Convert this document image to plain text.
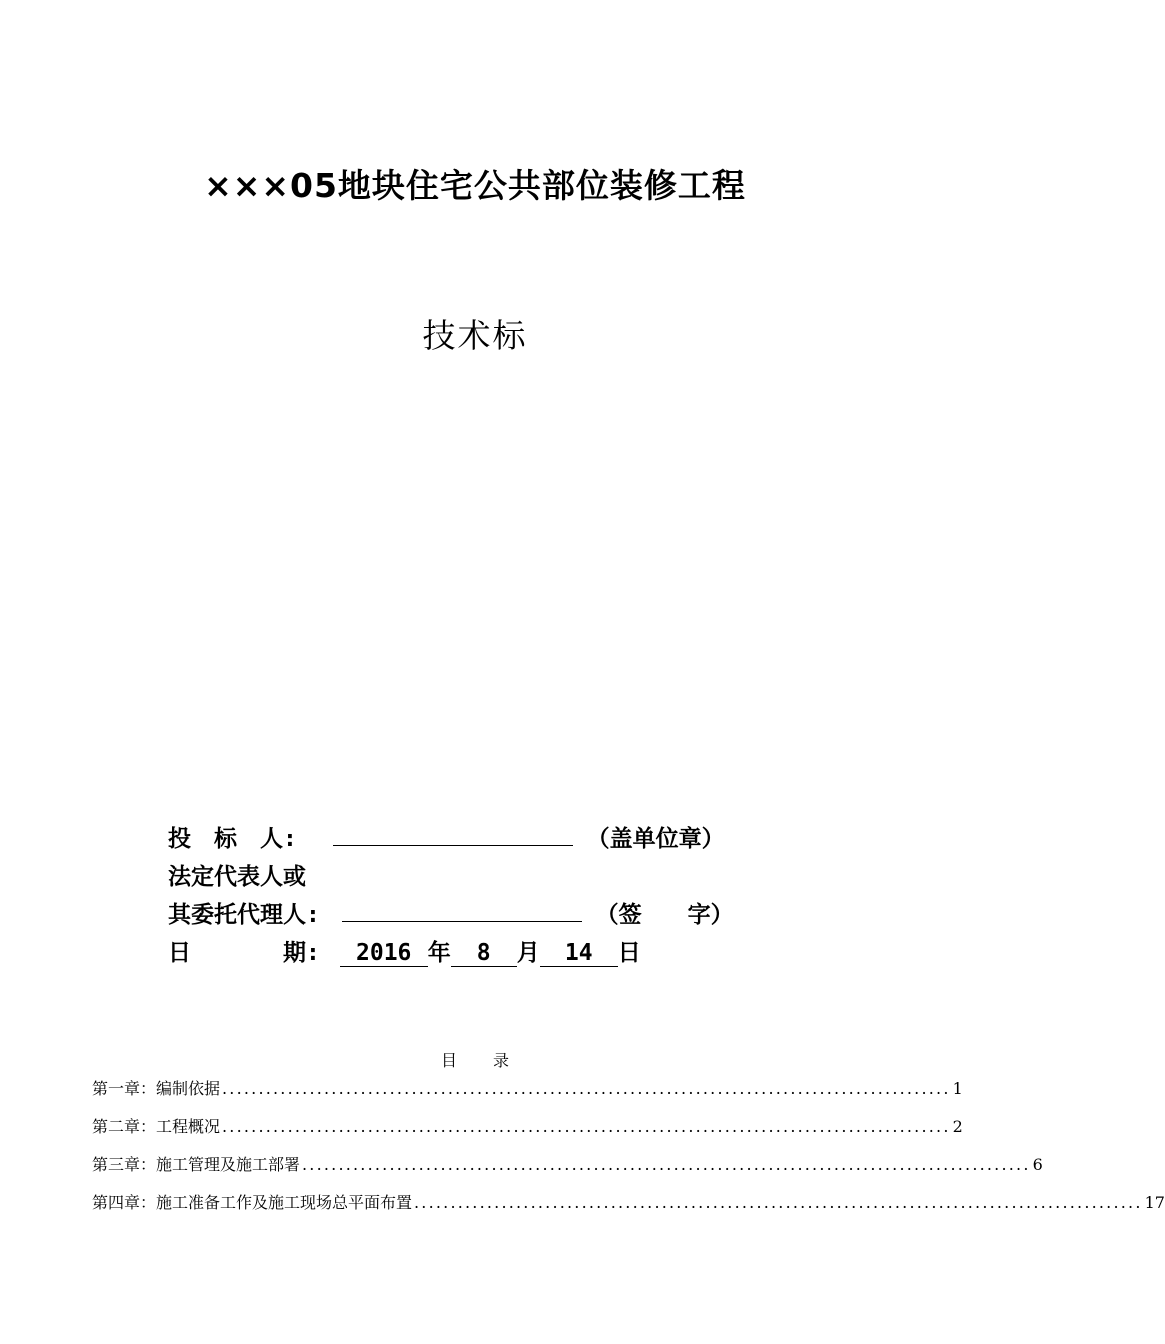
×××05地块住宅公共部位装修工程
技术标
投　标　人:	（盖单位章）
法定代表人或
其委托代理人:	（签　　字）
日　　　　期: 2016 年 8 月 14 日
目 录
第一章：编制依据 .................................................................................................... 1
第二章：工程概况 .................................................................................................... 2
第三章：施工管理及施工部署 .................................................................................................... 6
第四章：施工准备工作及施工现场总平面布置 .................................................................................................... 17
